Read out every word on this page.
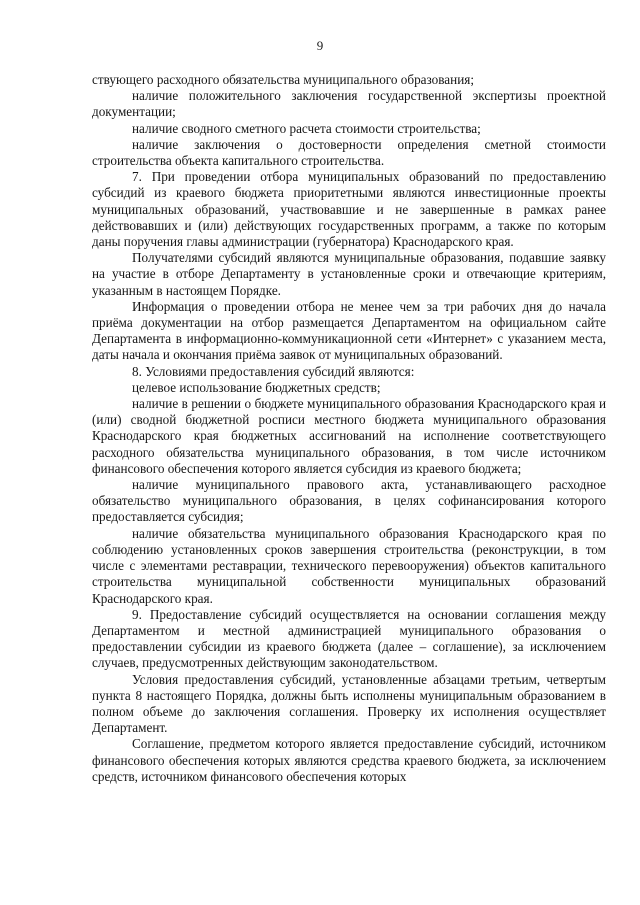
9

ствующего расходного обязательства муниципального образования;

наличие положительного заключения государственной экспертизы проектной документации;

наличие сводного сметного расчета стоимости строительства;

наличие заключения о достоверности определения сметной стоимости строительства объекта капитального строительства.

7. При проведении отбора муниципальных образований по предоставлению субсидий из краевого бюджета приоритетными являются инвестиционные проекты муниципальных образований, участвовавшие и не завершенные в рамках ранее действовавших и (или) действующих государственных программ, а также по которым даны поручения главы администрации (губернатора) Краснодарского края.

Получателями субсидий являются муниципальные образования, подавшие заявку на участие в отборе Департаменту в установленные сроки и отвечающие критериям, указанным в настоящем Порядке.

Информация о проведении отбора не менее чем за три рабочих дня до начала приёма документации на отбор размещается Департаментом на официальном сайте Департамента в информационно-коммуникационной сети «Интернет» с указанием места, даты начала и окончания приёма заявок от муниципальных образований.

8. Условиями предоставления субсидий являются:

целевое использование бюджетных средств;

наличие в решении о бюджете муниципального образования Краснодарского края и (или) сводной бюджетной росписи местного бюджета муниципального образования Краснодарского края бюджетных ассигнований на исполнение соответствующего расходного обязательства муниципального образования, в том числе источником финансового обеспечения которого является субсидия из краевого бюджета;

наличие муниципального правового акта, устанавливающего расходное обязательство муниципального образования, в целях софинансирования которого предоставляется субсидия;

наличие обязательства муниципального образования Краснодарского края по соблюдению установленных сроков завершения строительства (реконструкции, в том числе с элементами реставрации, технического перевооружения) объектов капитального строительства муниципальной собственности муниципальных образований Краснодарского края.

9. Предоставление субсидий осуществляется на основании соглашения между Департаментом и местной администрацией муниципального образования о предоставлении субсидии из краевого бюджета (далее – соглашение), за исключением случаев, предусмотренных действующим законодательством.

Условия предоставления субсидий, установленные абзацами третьим, четвертым пункта 8 настоящего Порядка, должны быть исполнены муниципальным образованием в полном объеме до заключения соглашения. Проверку их исполнения осуществляет Департамент.

Соглашение, предметом которого является предоставление субсидий, источником финансового обеспечения которых являются средства краевого бюджета, за исключением средств, источником финансового обеспечения которых
